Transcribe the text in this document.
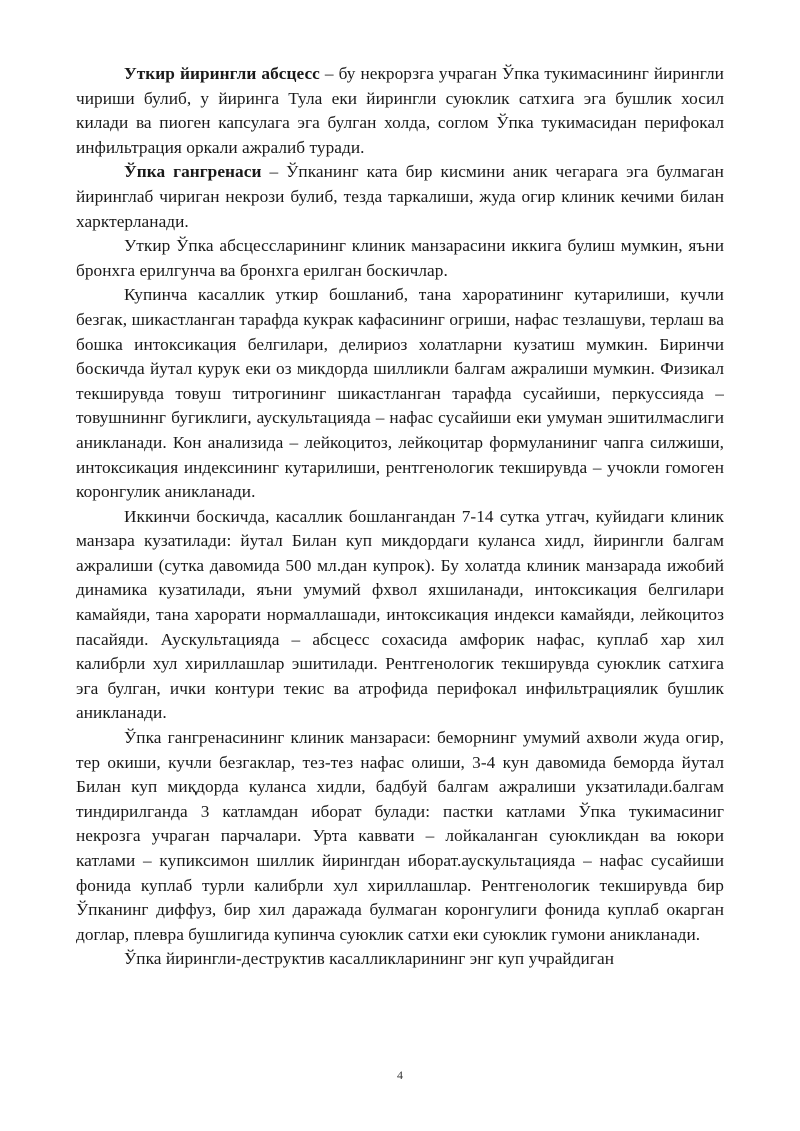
Уткир йирингли абсцесс – бу некрорзга учраган Ўпка тукимасининг йирингли чириши булиб, у йиринга Тула еки йирингли суюклик сатхига эга бушлик хосил килади ва пиоген капсулага эга булган холда, соглом Ўпка тукимасидан перифокал инфильтрация оркали ажралиб туради.

Ўпка гангренаси – Ўпканинг ката бир кисмини аник чегарага эга булмаган йиринглаб чириган некрози булиб, тезда таркалиши, жуда огир клиник кечими билан харктерланади.

Уткир Ўпка абсцессларининг клиник манзарасини иккига булиш мумкин, яъни бронхга ерилгунча ва бронхга ерилган боскичлар.

Купинча касаллик уткир бошланиб, тана хароратининг кутарилиши, кучли безгак, шикастланган тарафда кукрак кафасининг огриши, нафас тезлашуви, терлаш ва бошка интоксикация белгилари, делириоз холатларни кузатиш мумкин. Биринчи боскичда йутал курук еки оз микдорда шилликли балгам ажралиши мумкин. Физикал текширувда товуш титрогининг шикастланган тарафда сусайиши, перкуссияда – товушниннг бугиклиги, аускультацияда – нафас сусайиши еки умуман эшитилмаслиги аникланади. Кон анализида – лейкоцитоз, лейкоцитар формуланиниг чапга силжиши, интоксикация индексининг кутарилиши, рентгенологик текширувда – учокли гомоген коронгулик аникланади.

Иккинчи боскичда, касаллик бошлангандан 7-14 сутка утгач, куйидаги клиник манзара кузатилади: йутал Билан куп микдордаги куланса хидл, йирингли балгам ажралиши (сутка давомида 500 мл.дан купрок). Бу холатда клиник манзарада ижобий динамика кузатилади, яъни умумий фхвол яхшиланади, интоксикация белгилари камайяди, тана харорати нормаллашади, интоксикация индекси камайяди, лейкоцитоз пасайяди. Аускультацияда – абсцесс сохасида амфорик нафас, куплаб хар хил калибрли хул хириллашлар эшитилади. Рентгенологик текширувда суюклик сатхига эга булган, ички контури текис ва атрофида перифокал инфильтрациялик бушлик аникланади.

Ўпка гангренасининг клиник манзараси: беморнинг умумий ахволи жуда огир, тер окиши, кучли безгаклар, тез-тез нафас олиши, 3-4 кун давомида беморда йутал Билан куп миқдорда куланса хидли, бадбуй балгам ажралиши укзатилади.балгам тиндирилганда 3 катламдан иборат булади: пастки катлами Ўпка тукимасиниг некрозга учраган парчалари. Урта каввати – лойкаланган суюкликдан ва юкори катлами – купиксимон шиллик йирингдан иборат.аускультацияда – нафас сусайиши фонида куплаб турли калибрли хул хириллашлар. Рентгенологик текширувда бир Ўпканинг диффуз, бир хил даражада булмаган коронгулиги фонида куплаб окарган доглар, плевра бушлигида купинча суюклик сатхи еки суюклик гумони аникланади.

Ўпка йирингли-деструктив касалликларининг энг куп учрайдиган

4
